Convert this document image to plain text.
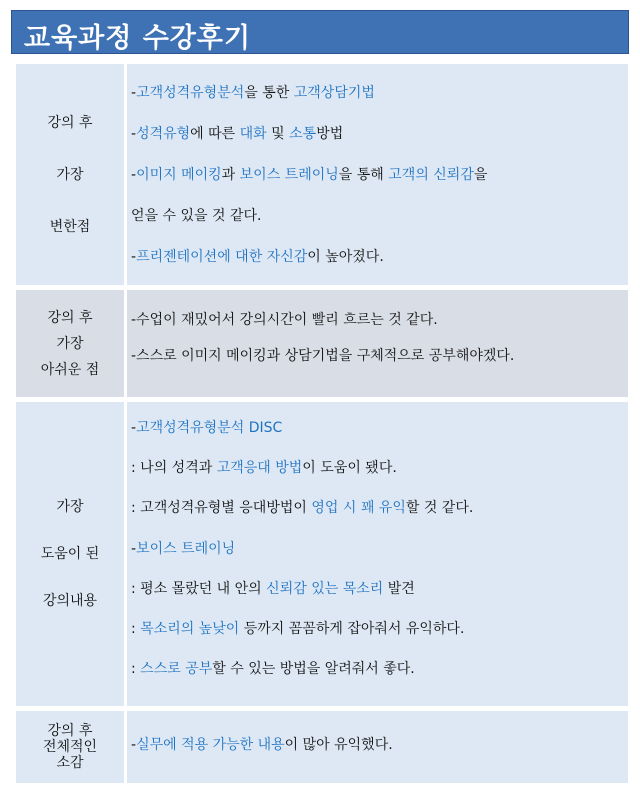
교육과정 수강후기
강의 후
가장
변한점
-고객성격유형분석을 통한 고객상담기법
-성격유형에 따른 대화 및 소통방법
-이미지 메이킹과 보이스 트레이닝을 통해 고객의 신뢰감을
얻을 수 있을 것 같다.
-프리젠테이션에 대한 자신감이 높아졌다.
강의 후
가장
아쉬운 점
-수업이 재밌어서 강의시간이 빨리 흐르는 것 같다.
-스스로 이미지 메이킹과 상담기법을 구체적으로 공부해야겠다.
가장
도움이 된
강의내용
-고객성격유형분석 DISC
: 나의 성격과 고객응대 방법이 도움이 됐다.
: 고객성격유형별 응대방법이 영업 시 꽤 유익할 것 같다.
-보이스 트레이닝
: 평소 몰랐던 내 안의 신뢰감 있는 목소리 발견
: 목소리의 높낮이 등까지 꼼꼼하게 잡아줘서 유익하다.
: 스스로 공부할 수 있는 방법을 알려줘서 좋다.
강의 후
전체적인
소감
-실무에 적용 가능한 내용이 많아 유익했다.
